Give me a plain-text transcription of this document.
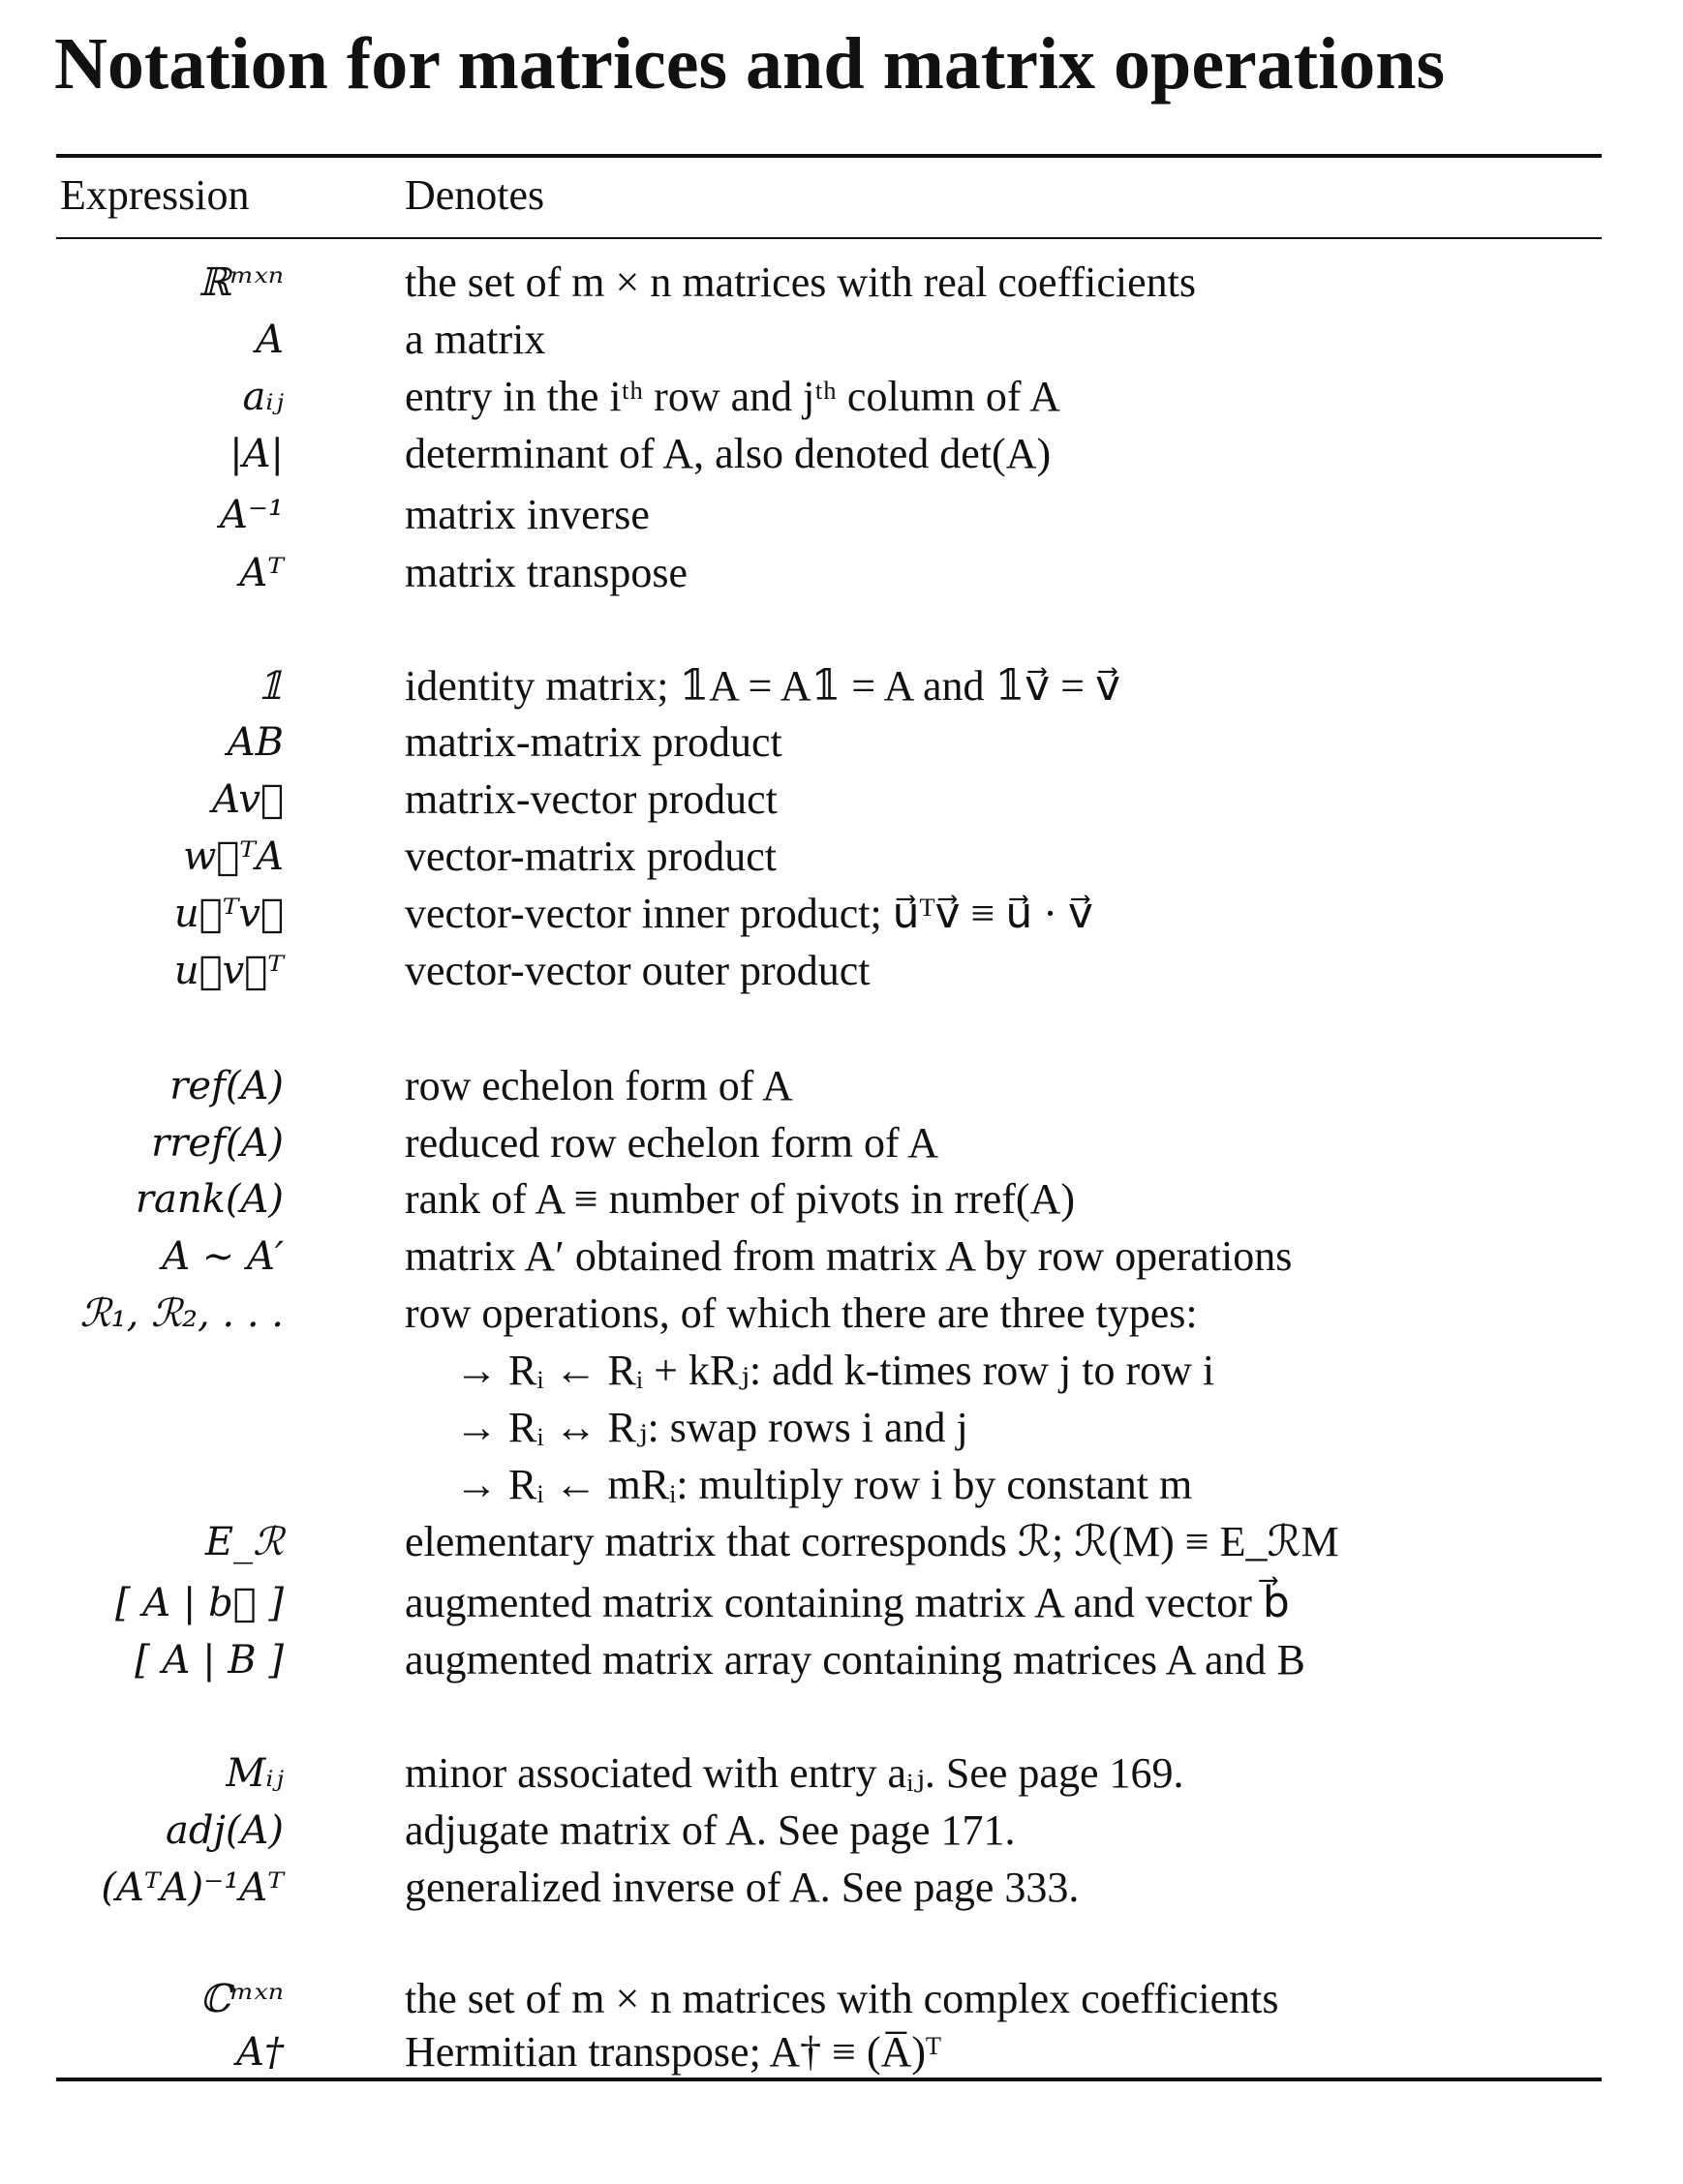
Notation for matrices and matrix operations
Expression	Denotes
ℝᵐˣⁿ	the set of m × n matrices with real coefficients
A	a matrix
aᵢⱼ	entry in the iᵗʰ row and jᵗʰ column of A
|A|	determinant of A, also denoted det(A)
A⁻¹	matrix inverse
Aᵀ	matrix transpose
𝟙	identity matrix; 𝟙A = A𝟙 = A and 𝟙v⃗ = v⃗
AB	matrix-matrix product
Av⃗	matrix-vector product
w⃗ᵀA	vector-matrix product
u⃗ᵀv⃗	vector-vector inner product; u⃗ᵀv⃗ ≡ u⃗ · v⃗
u⃗v⃗ᵀ	vector-vector outer product
ref(A)	row echelon form of A
rref(A)	reduced row echelon form of A
rank(A)	rank of A ≡ number of pivots in rref(A)
A ∼ A′	matrix A′ obtained from matrix A by row operations
ℛ₁, ℛ₂, . . .	row operations, of which there are three types:
→ Rᵢ ← Rᵢ + kRⱼ: add k-times row j to row i
→ Rᵢ ↔ Rⱼ: swap rows i and j
→ Rᵢ ← mRᵢ: multiply row i by constant m
E_ℛ	elementary matrix that corresponds ℛ; ℛ(M) ≡ E_ℛM
[ A | b⃗ ]	augmented matrix containing matrix A and vector b⃗
[ A | B ]	augmented matrix array containing matrices A and B
Mᵢⱼ	minor associated with entry aᵢⱼ. See page 169.
adj(A)	adjugate matrix of A. See page 171.
(AᵀA)⁻¹Aᵀ	generalized inverse of A. See page 333.
ℂᵐˣⁿ	the set of m × n matrices with complex coefficients
A†	Hermitian transpose; A† ≡ (A̅)ᵀ
